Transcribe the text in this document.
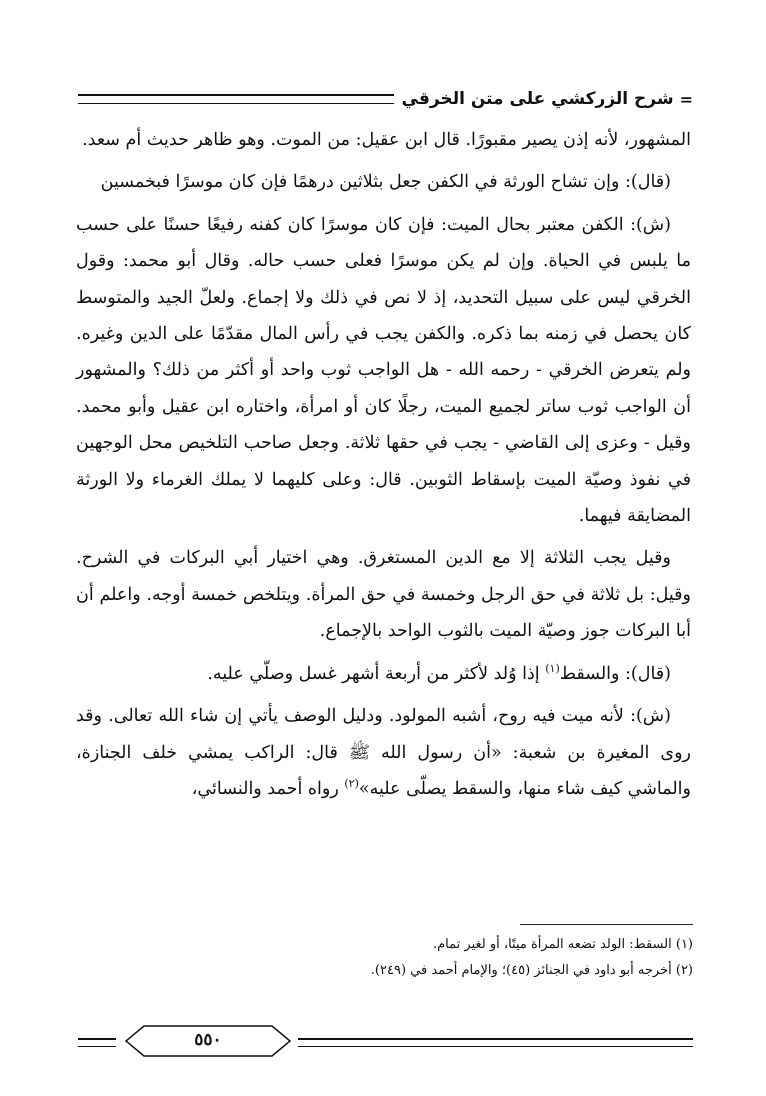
=
شرح الزركشي على متن الخرقي

المشهور، لأنه إذن يصير مقبورًا. قال ابن عقيل: من الموت. وهو ظاهر حديث أم سعد.

(قال): وإن تشاح الورثة في الكفن جعل بثلاثين درهمًا فإن كان موسرًا فبخمسين

(ش): الكفن معتبر بحال الميت: فإن كان موسرًا كان كفنه رفيعًا حسنًا على حسب ما يلبس في الحياة. وإن لم يكن موسرًا فعلى حسب حاله. وقال أبو محمد: وقول الخرقي ليس على سبيل التحديد، إذ لا نص في ذلك ولا إجماع. ولعلّ الجيد والمتوسط كان يحصل في زمنه بما ذكره. والكفن يجب في رأس المال مقدّمًا على الدين وغيره. ولم يتعرض الخرقي - رحمه الله - هل الواجب ثوب واحد أو أكثر من ذلك؟ والمشهور أن الواجب ثوب ساتر لجميع الميت، رجلًا كان أو امرأة، واختاره ابن عقيل وأبو محمد. وقيل - وعزى إلى القاضي - يجب في حقها ثلاثة. وجعل صاحب التلخيص محل الوجهين في نفوذ وصيّة الميت بإسقاط الثوبين. قال: وعلى كليهما لا يملك الغرماء ولا الورثة المضايقة فيهما.

وقيل يجب الثلاثة إلا مع الدين المستغرق. وهي اختيار أبي البركات في الشرح. وقيل: بل ثلاثة في حق الرجل وخمسة في حق المرأة. ويتلخص خمسة أوجه. واعلم أن أبا البركات جوز وصيّة الميت بالثوب الواحد بالإجماع.

(قال): والسقط$^{(١)}$ إذا وُلد لأكثر من أربعة أشهر غسل وصلّي عليه.

(ش): لأنه ميت فيه روح، أشبه المولود. ودليل الوصف يأتي إن شاء الله تعالى. وقد روى المغيرة بن شعبة: «أن رسول الله ﷺ قال: الراكب يمشي خلف الجنازة، والماشي كيف شاء منها، والسقط يصلّى عليه»$^{(٢)}$ رواه أحمد والنسائي،

(١) السقط: الولد تضعه المرأة ميتًا، أو لغير تمام.
(٢) أخرجه أبو داود في الجنائز (٤٥)؛ والإمام أحمد في (٢٤٩).
٥٥٠
